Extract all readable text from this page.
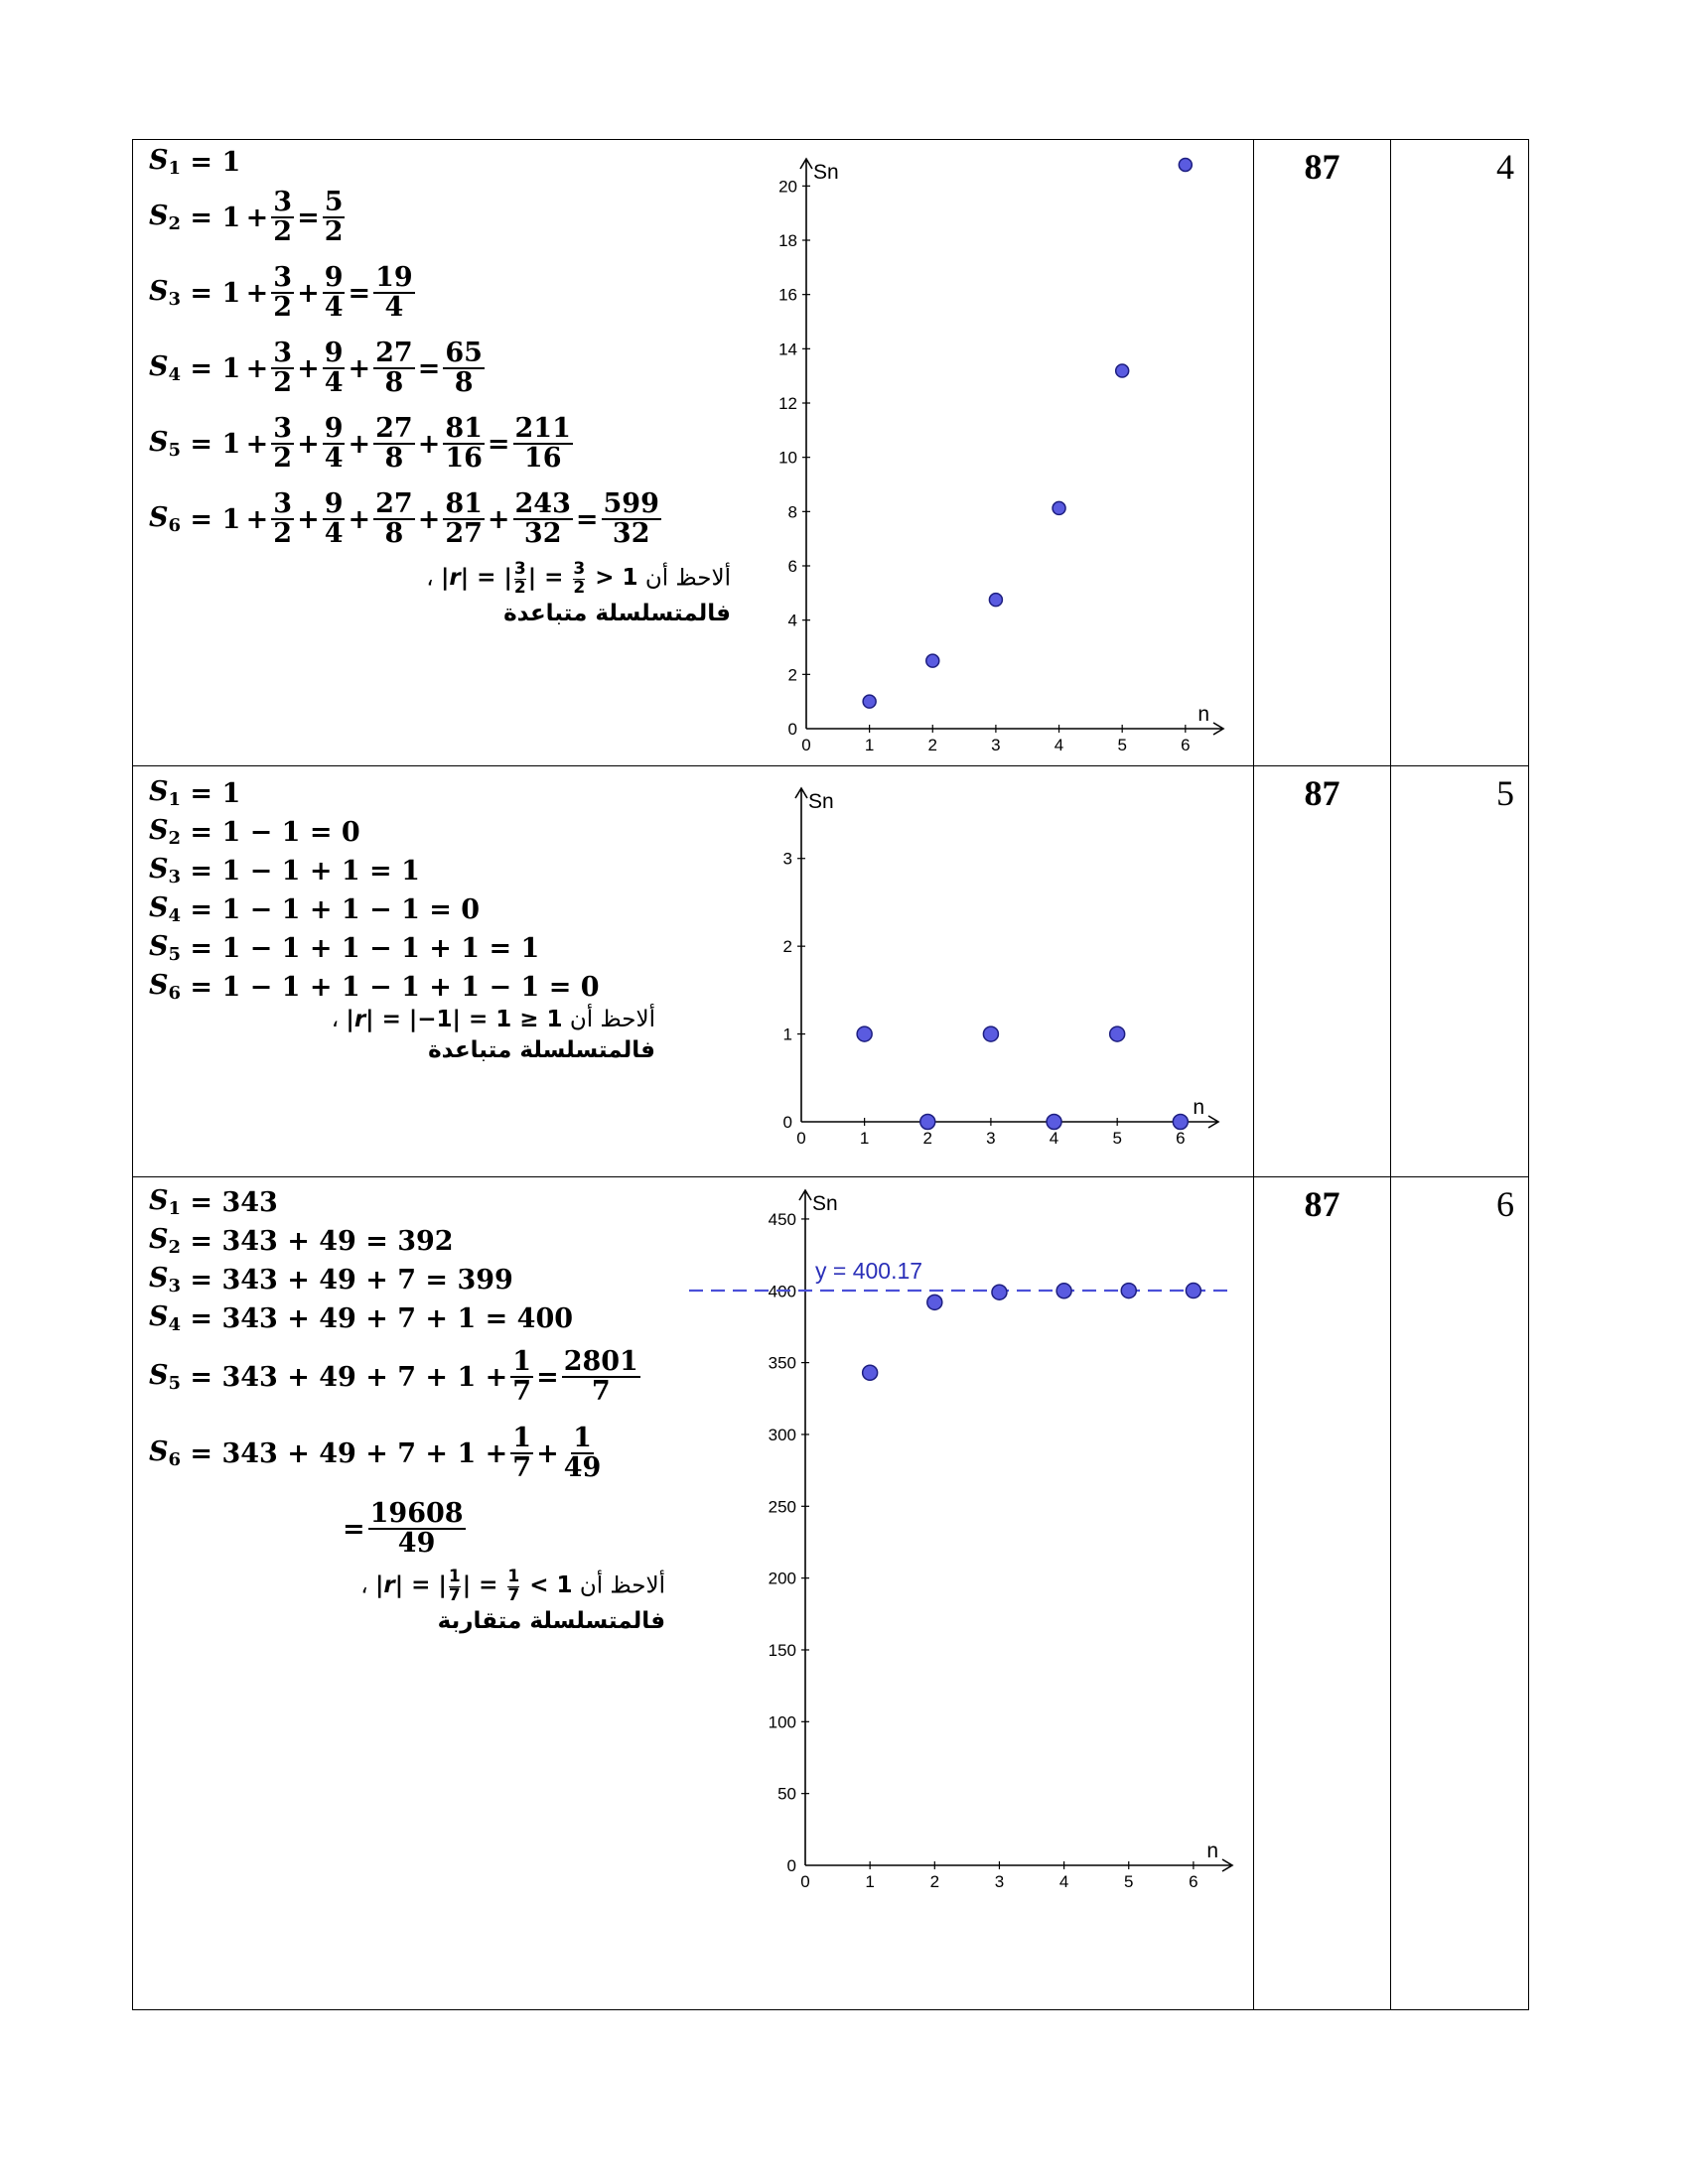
$S_1 = 1$
$S_2 = 1 + \frac{3}{2} = \frac{5}{2}$
$S_3 = 1 + \frac{3}{2} + \frac{9}{4} = \frac{19}{4}$
$S_4 = 1 + \frac{3}{2} + \frac{9}{4} + \frac{27}{8} = \frac{65}{8}$
$S_5 = 1 + \frac{3}{2} + \frac{9}{4} + \frac{27}{8} + \frac{81}{16} = \frac{211}{16}$
$S_6 = 1 + \frac{3}{2} + \frac{9}{4} + \frac{27}{8} + \frac{81}{27} + \frac{243}{32} = \frac{599}{32}$
ألاحظ أن |r| = | $\frac{3}{2}$ | = $\frac{3}{2} > 1$ ،
فالمتسلسلة متباعدة
0	1	2	3	4	5	6
0
2
4
6
8
10
12
14
16
18
20
n
Sn	87	4
$S_1 = 1$
$S_2 = 1 - 1 = 0$
$S_3 = 1 - 1 + 1 = 1$
$S_4 = 1 - 1 + 1 - 1 = 0$
$S_5 = 1 - 1 + 1 - 1 + 1 = 1$
$S_6 = 1 - 1 + 1 - 1 + 1 - 1 = 0$
ألاحظ أن |r| = |−1| = 1 ≥ 1 ،
فالمتسلسلة متباعدة
0	1	2	3	4	5	6
0
1
2
3
n
Sn	87	5
$S_1 = 343$
$S_2 = 343 + 49 = 392$
$S_3 = 343 + 49 + 7 = 399$
$S_4 = 343 + 49 + 7 + 1 = 400$
$S_5 = 343 + 49 + 7 + 1 + \frac{1}{7} = \frac{2801}{7}$
$S_6 = 343 + 49 + 7 + 1 + \frac{1}{7} + \frac{1}{49}$
= $\frac{19608}{49}$
ألاحظ أن |r| = | $\frac{1}{7}$ | = $\frac{1}{7} < 1$ ،
فالمتسلسلة متقاربة
0	1	2	3	4	5	6
0
50
100
150
200
250
300
350
400
450
n
Sn
y = 400.17
87	6
